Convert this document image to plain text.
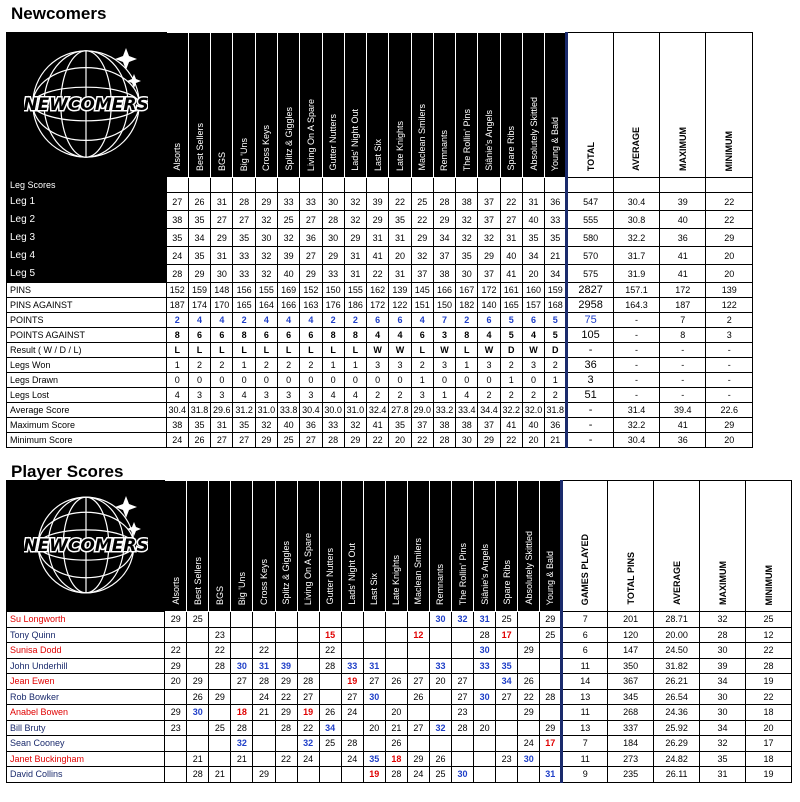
Newcomers
NEWCOMERS	Alsorts	Best Sellers	BGS	Big 'Uns	Cross Keys	Splitz & Giggles	Living On A Spare	Gutter Nutters	Lads' Night Out	Last Six	Late Knights	Maclean Smilers	Remnants	The Rollin' Pins	Siânie's Angels	Spare Ribs	Absolutely Skittled	Young & Bald	TOTAL	AVERAGE	MAXIMUM	MINIMUM
Leg Scores																						
Leg 1	27	26	31	28	29	33	33	30	32	39	22	25	28	38	37	22	31	36	547	30.4	39	22
Leg 2	38	35	27	27	32	25	27	28	32	29	35	22	29	32	37	27	40	33	555	30.8	40	22
Leg 3	35	34	29	35	30	32	36	30	29	31	31	29	34	32	32	31	35	35	580	32.2	36	29
Leg 4	24	35	31	33	32	39	27	29	31	41	20	32	37	35	29	40	34	21	570	31.7	41	20
Leg 5	28	29	30	33	32	40	29	33	31	22	31	37	38	30	37	41	20	34	575	31.9	41	20
PINS	152	159	148	156	155	169	152	150	155	162	139	145	166	167	172	161	160	159	2827	157.1	172	139
PINS AGAINST	187	174	170	165	164	166	163	176	186	172	122	151	150	182	140	165	157	168	2958	164.3	187	122
POINTS	2	4	4	2	4	4	4	2	2	6	6	4	7	2	6	5	6	5	75	-	7	2
POINTS AGAINST	8	6	6	8	6	6	6	8	8	4	4	6	3	8	4	5	4	5	105	-	8	3
Result ( W / D / L)	L	L	L	L	L	L	L	L	L	W	W	L	W	L	W	D	W	D	-	-	-	-
Legs Won	1	2	2	1	2	2	2	1	1	3	3	2	3	1	3	2	3	2	36	-	-	-
Legs Drawn	0	0	0	0	0	0	0	0	0	0	0	1	0	0	0	1	0	1	3	-	-	-
Legs Lost	4	3	3	4	3	3	3	4	4	2	2	3	1	4	2	2	2	2	51	-	-	-
Average Score	30.4	31.8	29.6	31.2	31.0	33.8	30.4	30.0	31.0	32.4	27.8	29.0	33.2	33.4	34.4	32.2	32.0	31.8	-	31.4	39.4	22.6
Maximum Score	38	35	31	35	32	40	36	33	32	41	35	37	38	38	37	41	40	36	-	32.2	41	29
Minimum Score	24	26	27	27	29	25	27	28	29	22	20	22	28	30	29	22	20	21	-	30.4	36	20
Player Scores
NEWCOMERS	Alsorts	Best Sellers	BGS	Big 'Uns	Cross Keys	Splitz & Giggles	Living On A Spare	Gutter Nutters	Lads' Night Out	Last Six	Late Knights	Maclean Smilers	Remnants	The Rollin' Pins	Siânie's Angels	Spare Ribs	Absolutely Skittled	Young & Bald	GAMES PLAYED	TOTAL PINS	AVERAGE	MAXIMUM	MINIMUM
Su Longworth	29	25											30	32	31	25		29	7	201	28.71	32	25
Tony Quinn			23					15				12			28	17		25	6	120	20.00	28	12
Sunisa Dodd	22		22		22			22							30		29		6	147	24.50	30	22
John Underhill	29		28	30	31	39		28	33	31			33		33	35			11	350	31.82	39	28
Jean Ewen	20	29		27	28	29	28		19	27	26	27	20	27		34	26		14	367	26.21	34	19
Rob Bowker		26	29		24	22	27		27	30		26		27	30	27	22	28	13	345	26.54	30	22
Anabel Bowen	29	30		18	21	29	19	26	24		20			23			29		11	268	24.36	30	18
Bill Bruty	23		25	28		28	22	34		20	21	27	32	28	20			29	13	337	25.92	34	20
Sean Cooney				32			32	25	28		26						24	17	7	184	26.29	32	17
Janet Buckingham		21		21		22	24		24	35	18	29	26			23	30		11	273	24.82	35	18
David Collins		28	21		29					19	28	24	25	30				31	9	235	26.11	31	19
